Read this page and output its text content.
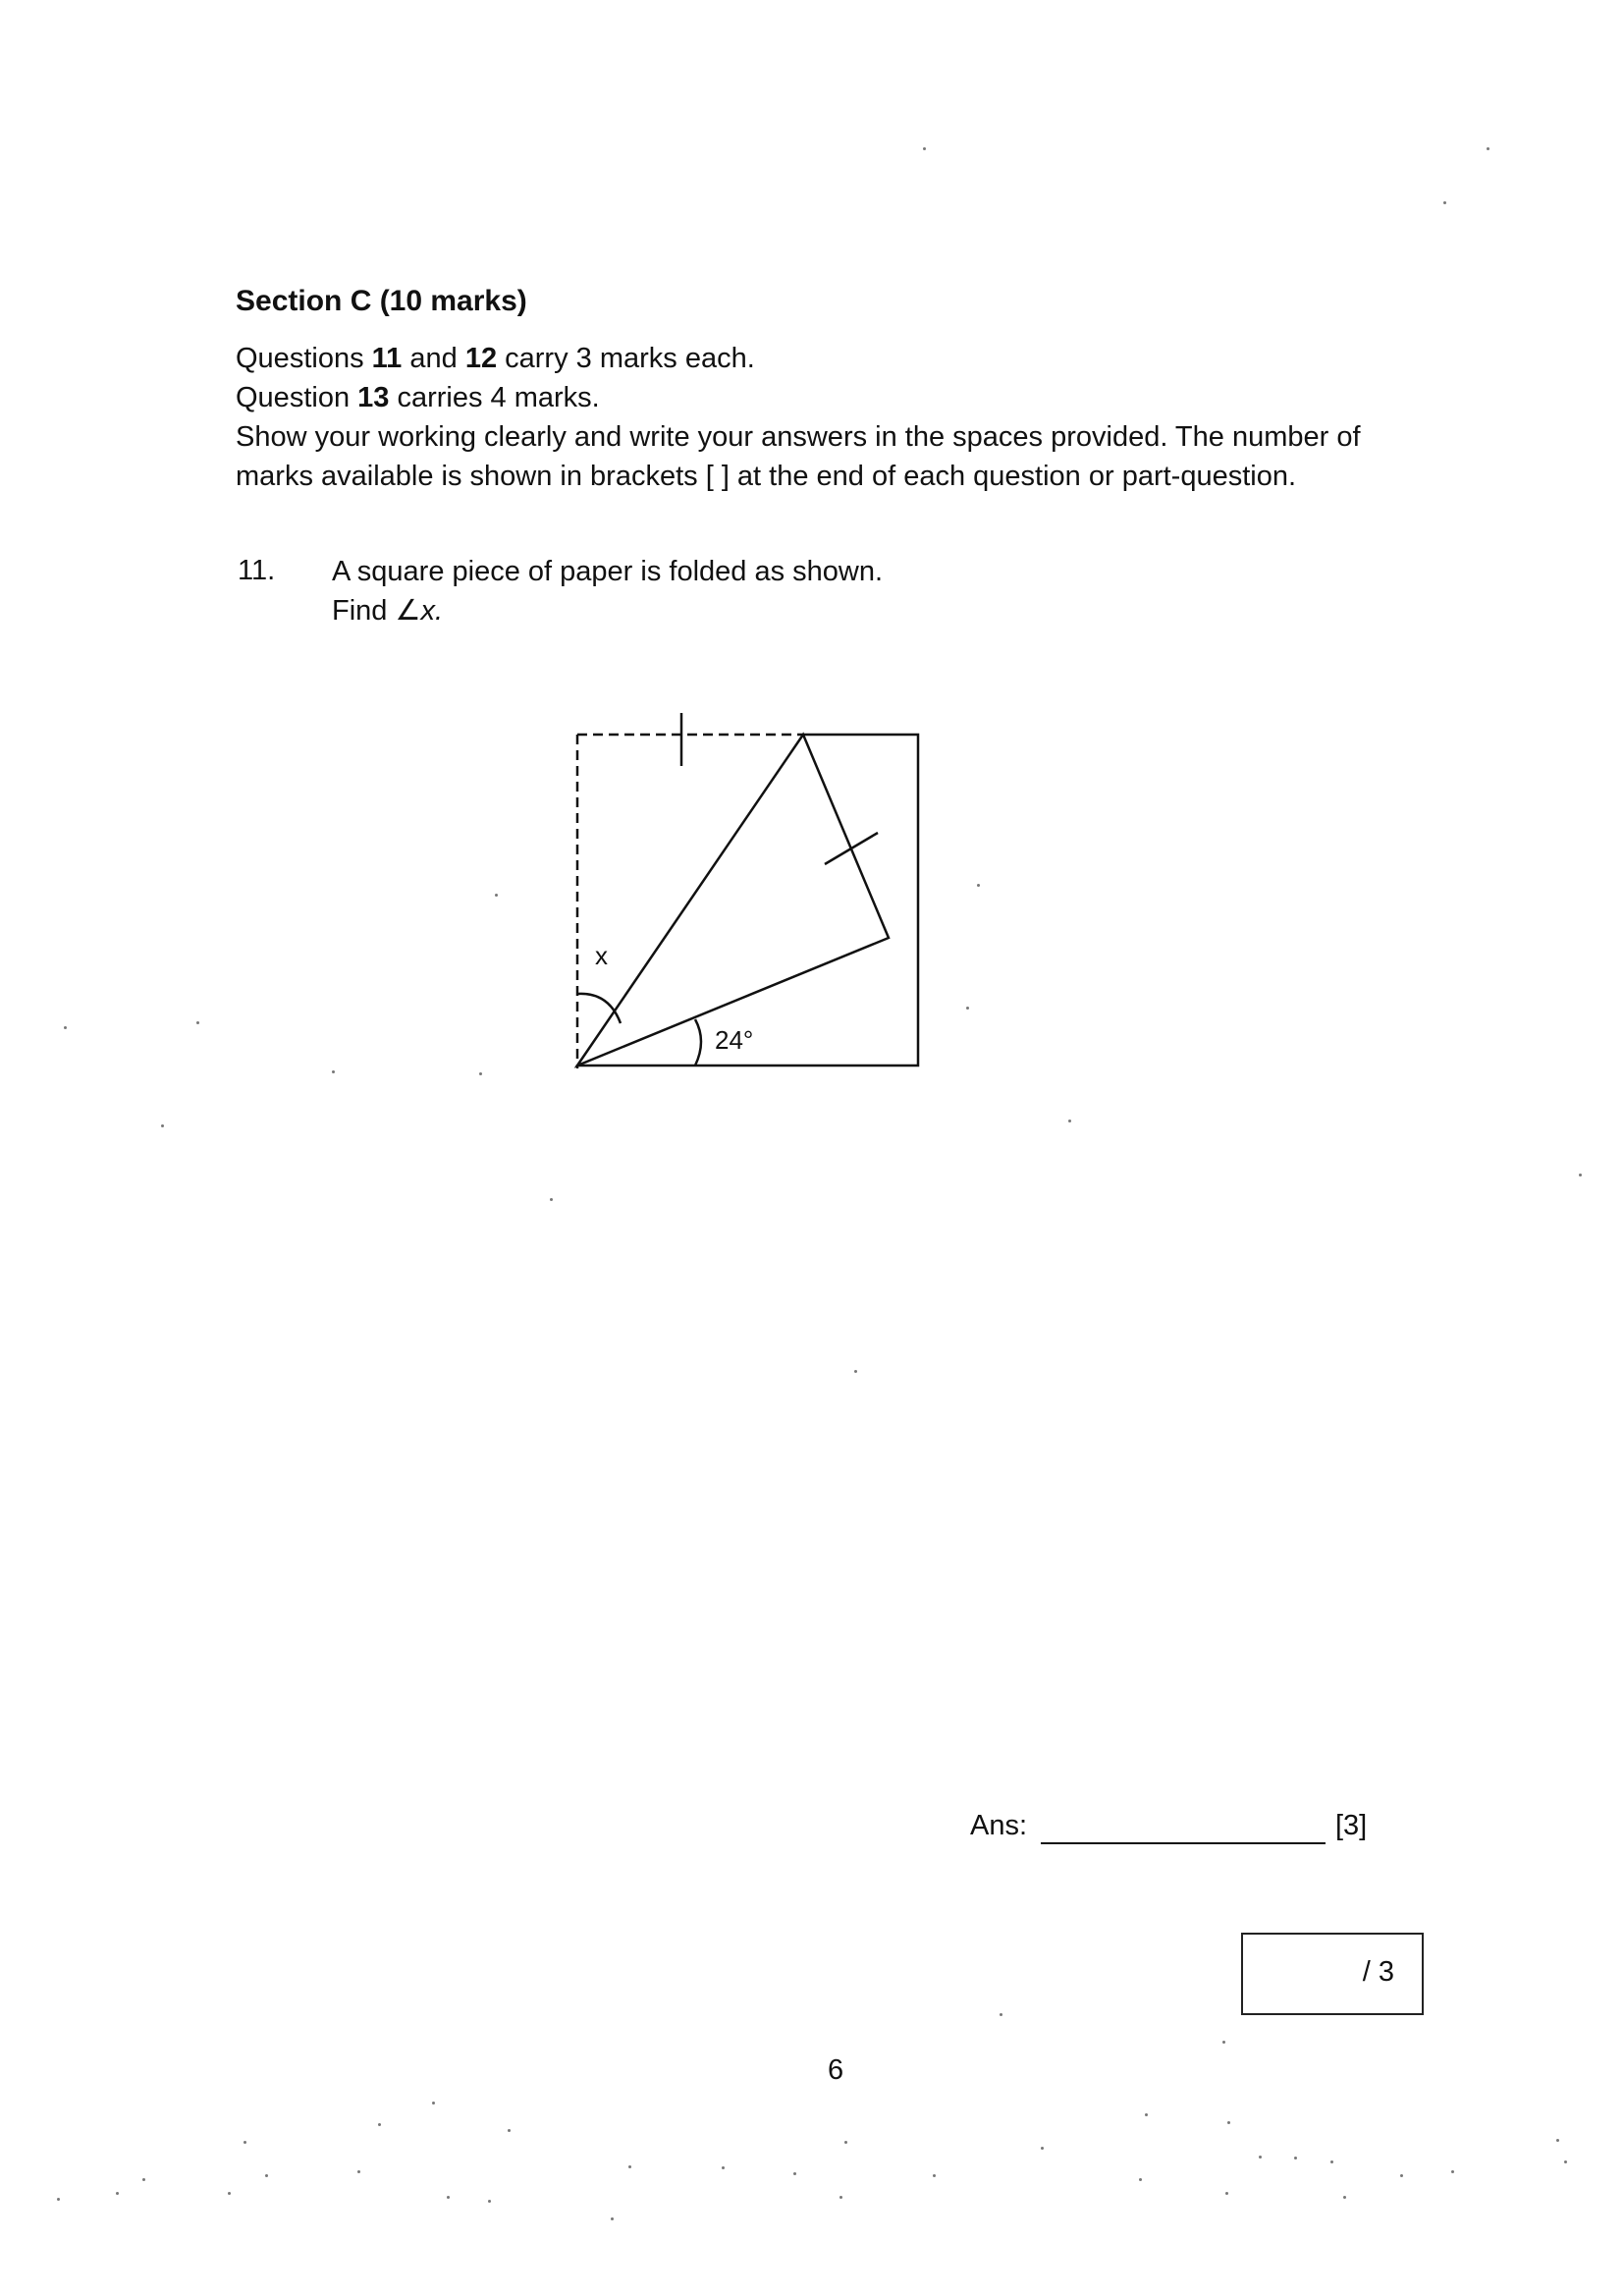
Section C (10 marks)
Questions 11 and 12 carry 3 marks each.
Question 13 carries 4 marks.
Show your working clearly and write your answers in the spaces provided. The number of
marks available is shown in brackets [ ] at the end of each question or part-question.
11. A square piece of paper is folded as shown.
Find ∠x.
x
24°
Ans:	[3]
/ 3
6
